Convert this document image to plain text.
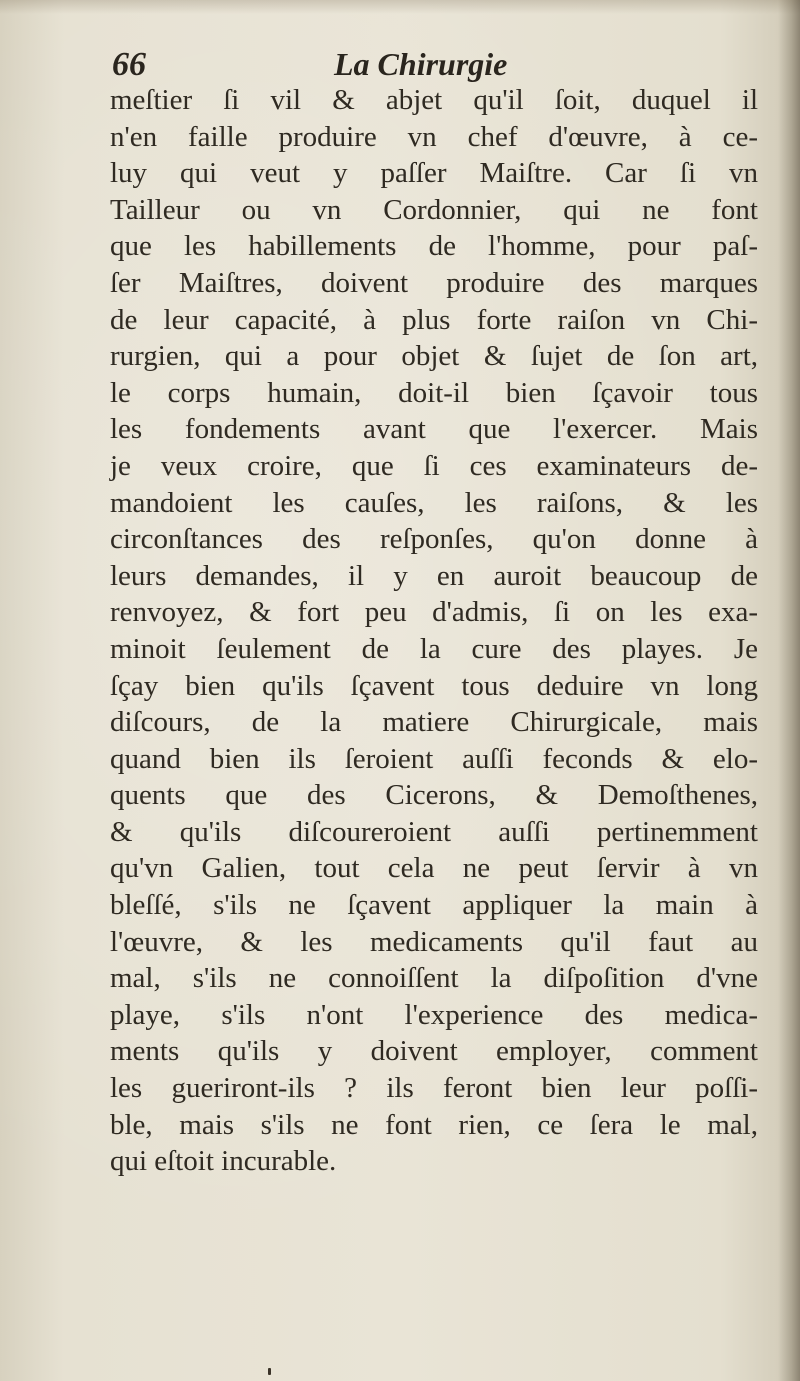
66	La Chirurgie
meſtier ſi vil & abjet qu'il ſoit, duquel il
n'en faille produire vn chef d'œuvre, à ce-
luy qui veut y paſſer Maiſtre. Car ſi vn
Tailleur ou vn Cordonnier, qui ne font
que les habillements de l'homme, pour paſ-
ſer Maiſtres, doivent produire des marques
de leur capacité, à plus forte raiſon vn Chi-
rurgien, qui a pour objet & ſujet de ſon art,
le corps humain, doit-il bien ſçavoir tous
les fondements avant que l'exercer. Mais
je veux croire, que ſi ces examinateurs de-
mandoient les cauſes, les raiſons, & les
circonſtances des reſponſes, qu'on donne à
leurs demandes, il y en auroit beaucoup de
renvoyez, & fort peu d'admis, ſi on les exa-
minoit ſeulement de la cure des playes. Je
ſçay bien qu'ils ſçavent tous deduire vn long
diſcours, de la matiere Chirurgicale, mais
quand bien ils ſeroient auſſi feconds & elo-
quents que des Cicerons, & Demoſthenes,
& qu'ils diſcoureroient auſſi pertinemment
qu'vn Galien, tout cela ne peut ſervir à vn
bleſſé, s'ils ne ſçavent appliquer la main à
l'œuvre, & les medicaments qu'il faut au
mal, s'ils ne connoiſſent la diſpoſition d'vne
playe, s'ils n'ont l'experience des medica-
ments qu'ils y doivent employer, comment
les gueriront-ils ? ils feront bien leur poſſi-
ble, mais s'ils ne font rien, ce ſera le mal,
qui eſtoit incurable.
